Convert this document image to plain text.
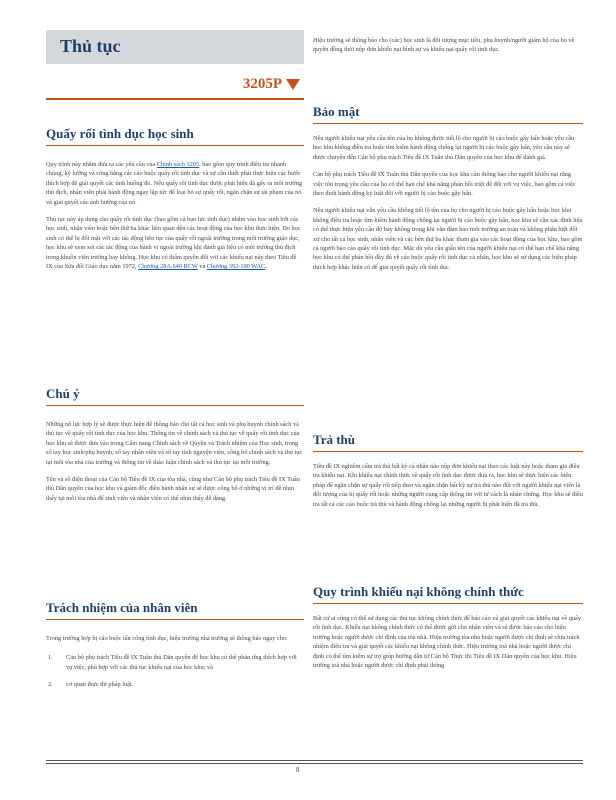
Thủ tục
3205P
Quấy rối tình dục học sinh

Quy trình này nhằm đưa ra các yêu cầu của Chính sách 3205, bao gồm quy trình điều tra nhanh chóng, kỹ lưỡng và công bằng các cáo buộc quấy rối tình dục và sự cần thiết phải thực hiện các bước thích hợp để giải quyết các tình huống đó. Nếu quấy rối tình dục được phát hiện đã gây ra môi trường thù địch, nhân viên phải hành động ngay lập tức để loại bỏ sự quấy rối, ngăn chặn sự tái phạm của nó và giải quyết các ảnh hưởng của nó.

Thủ tục này áp dụng cho quấy rối tình dục (bao gồm cả bạo lực tình dục) nhắm vào học sinh bởi các học sinh, nhân viên hoặc bên thứ ba khác liên quan đến các hoạt động của học khu thực hiện. Do học sinh có thể bị đối mặt với các tác động liên tục của quấy rối ngoài trường trong môi trường giáo dục, học khu sẽ xem xét các tác động của hành vi ngoài trường khi đánh giá liệu có môi trường thù địch trong khuôn viên trường hay không. Học khu có thẩm quyền đối với các khiếu nại này theo Tiêu đề IX của Sửa đổi Giáo dục năm 1972, Chương 28A.640 RCW và Chương 392-190 WAC.

Chú ý

Những nỗ lực hợp lý sẽ được thực hiện để thông báo cho tất cả học sinh và phụ huynh chính sách và thủ tục về quấy rối tình dục của học khu. Thông tin về chính sách và thủ tục về quấy rối tình dục của học khu sẽ được đưa vào trong Cẩm nang Chính sách về Quyền và Trách nhiệm của Học sinh, trong số tay học sinh/phụ huynh, số tay nhân viên và số tay tình nguyện viên, công bố chính sách và thủ tục tại mỗi tòa nhà của trường và thông tin về thảo luận chính sách và thủ tục tại mỗi trường.

Tên và số điện thoại của Cán bộ Tiêu đề IX của tòa nhà, cũng như Cán bộ phụ trách Tiêu đề IX Tuân thủ Dân quyền của học khu và giám đốc điều hành nhân sự sẽ được công bố ở những vị trí dễ nhìn thấy tại mỗi tòa nhà để sinh viên và nhân viên có thể nhìn thấy dễ dàng.

Trách nhiệm của nhân viên

Trong trường hợp bị cáo buộc tấn công tình dục, hiệu trưởng nhà trường sẽ thông báo ngay cho:

1. Cán bộ phụ trách Tiêu đề IX Tuân thủ Dân quyền để học khu có thể phản ứng thích hợp với vụ việc, phù hợp với các thủ tục khiếu nại của học khu; và
2. cơ quan thực thi pháp luật.

Hiệu trưởng sẽ thông báo cho (các) học sinh là đối tượng mục tiêu, phụ huynh/người giám hộ của họ về quyền đồng thời nộp đơn khiếu nại hình sự và khiếu nại quấy rối tình dục.

Bảo mật

Nếu người khiếu nại yêu cầu tên của họ không được tiết lộ cho người bị cáo buộc gây hấn hoặc yêu cầu học khu không điều tra hoặc tìm kiếm hành động chống lại người bị cáo buộc gây hấn, yêu cầu này sẽ được chuyển đến Cán bộ phụ trách Tiêu đề IX Tuân thủ Dân quyền của học khu để đánh giá.

Cán bộ phụ trách Tiêu đề IX Tuân thủ Dân quyền của học khu cần thông báo cho người khiếu nại rằng việc tôn trọng yêu cầu của họ có thể hạn chế khả năng phản hồi triệt để đối với vụ việc, bao gồm cả việc theo đuổi hành động kỷ luật đối với người bị cáo buộc gây hấn.

Nếu người khiếu nại vẫn yêu cầu không tiết lộ tên của họ cho người bị cáo buộc gây hấn hoặc học khu không điều tra hoặc tìm kiếm hành động chống lại người bị cáo buộc gây hấn, học khu sẽ cần xác định liệu có thể thực hiện yêu cầu đó hay không trong khi vẫn đảm bảo môi trường an toàn và không phân biệt đối xử cho tất cả học sinh, nhân viên và các bên thứ ba khác tham gia vào các hoạt động của học khu, bao gồm cả người báo cáo quấy rối tình dục. Mặc dù yêu cầu giấu tên của người khiếu nại có thể hạn chế khả năng học khu có thể phản hồi đầy đủ về cáo buộc quấy rối tình dục cá nhân, học khu sẽ sử dụng các biện pháp thích hợp khác hiện có để giải quyết quấy rối tình dục.

Trả thù

Tiêu đề IX nghiêm cấm trả thù bất kỳ cá nhân nào nộp đơn khiếu nại theo các luật này hoặc tham gia điều tra khiếu nại. Khi khiếu nại chính thức về quấy rối tình dục được đưa ra, học khu sẽ thực hiện các biện pháp để ngăn chặn sự quấy rối tiếp theo và ngăn chặn bất kỳ sự trả thù nào đối với người khiếu nại viên là đối tượng của bị quấy rối hoặc những người cung cấp thông tin với tư cách là nhân chứng. Học khu sẽ điều tra tất cả các cáo buộc trả thù và hành động chống lại những người bị phát hiện đã trả thù.

Quy trình khiếu nại không chính thức

Bất cứ ai cũng có thể sử dụng các thủ tục không chính thức để báo cáo và giải quyết các khiếu nại về quấy rối tình dục. Khiếu nại không chính thức có thể được gửi cho nhân viên và sẽ được báo cáo cho hiệu trưởng hoặc người được chỉ định của tòa nhà. Hiệu trưởng tòa nhà hoặc người được chỉ định sẽ chịu trách nhiệm điều tra và giải quyết các khiếu nại không chính thức. Hiệu trưởng toà nhà hoặc người được chỉ định có thể tìm kiếm sự trợ giúp hướng dẫn từ Cán bộ Thực thi Tiêu đề IX Dân quyền của học khu. Hiệu trưởng toà nhà hoặc người được chỉ định phải thông

8
